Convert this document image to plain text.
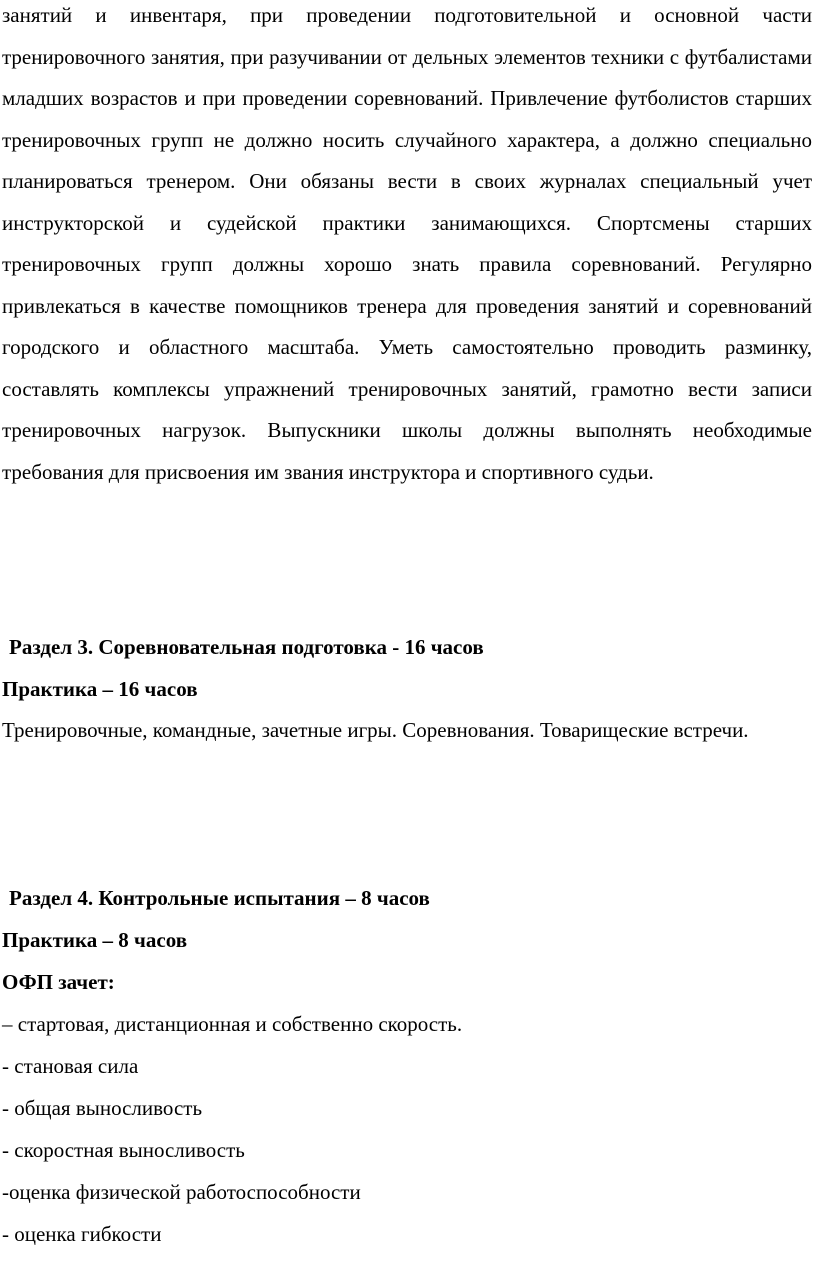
занятий и инвентаря, при проведении подготовительной и основной части тренировочного занятия, при разучивании от дельных элементов техники с футбалистами младших возрастов и при проведении соревнований. Привлечение футболистов старших тренировочных групп не должно носить случайного характера, а должно специально планироваться тренером. Они обязаны вести в своих журналах специальный учет инструкторской и судейской практики занимающихся. Спортсмены старших тренировочных групп должны хорошо знать правила соревнований. Регулярно привлекаться в качестве помощников тренера для проведения занятий и соревнований городского и областного масштаба. Уметь самостоятельно проводить разминку, составлять комплексы упражнений тренировочных занятий, грамотно вести записи тренировочных нагрузок. Выпускники школы должны выполнять необходимые требования для присвоения им звания инструктора и спортивного судьи.

Раздел 3. Соревновательная подготовка - 16 часов

Практика – 16 часов

Тренировочные, командные, зачетные игры. Соревнования. Товарищеские встречи.

Раздел 4. Контрольные испытания – 8 часов

Практика – 8 часов

ОФП зачет:

– стартовая, дистанционная и собственно скорость.

- становая сила

- общая выносливость

- скоростная выносливость

-оценка физической работоспособности

- оценка гибкости
